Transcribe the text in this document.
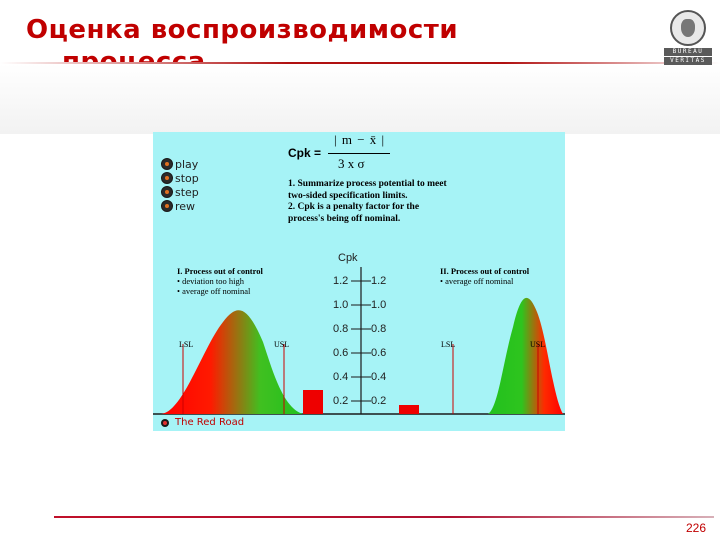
Оценка воспроизводимости
BUREAU
VERITAS
play
stop
step
rew
Cpk =
| m − x̄ |
3 x σ

1. Summarize process potential to meet two-sided specification limits.

2. Cpk is a penalty factor for the process's being off nominal.

I. Process out of control
• deviation too high
• average off nominal
II. Process out of control
• average off nominal
Cpk
1.2 1.2
1.0 1.0
0.8 0.8
0.6 0.6
0.4 0.4
0.2 0.2
LSL	USL	LSL	USL
The Red Road
226
